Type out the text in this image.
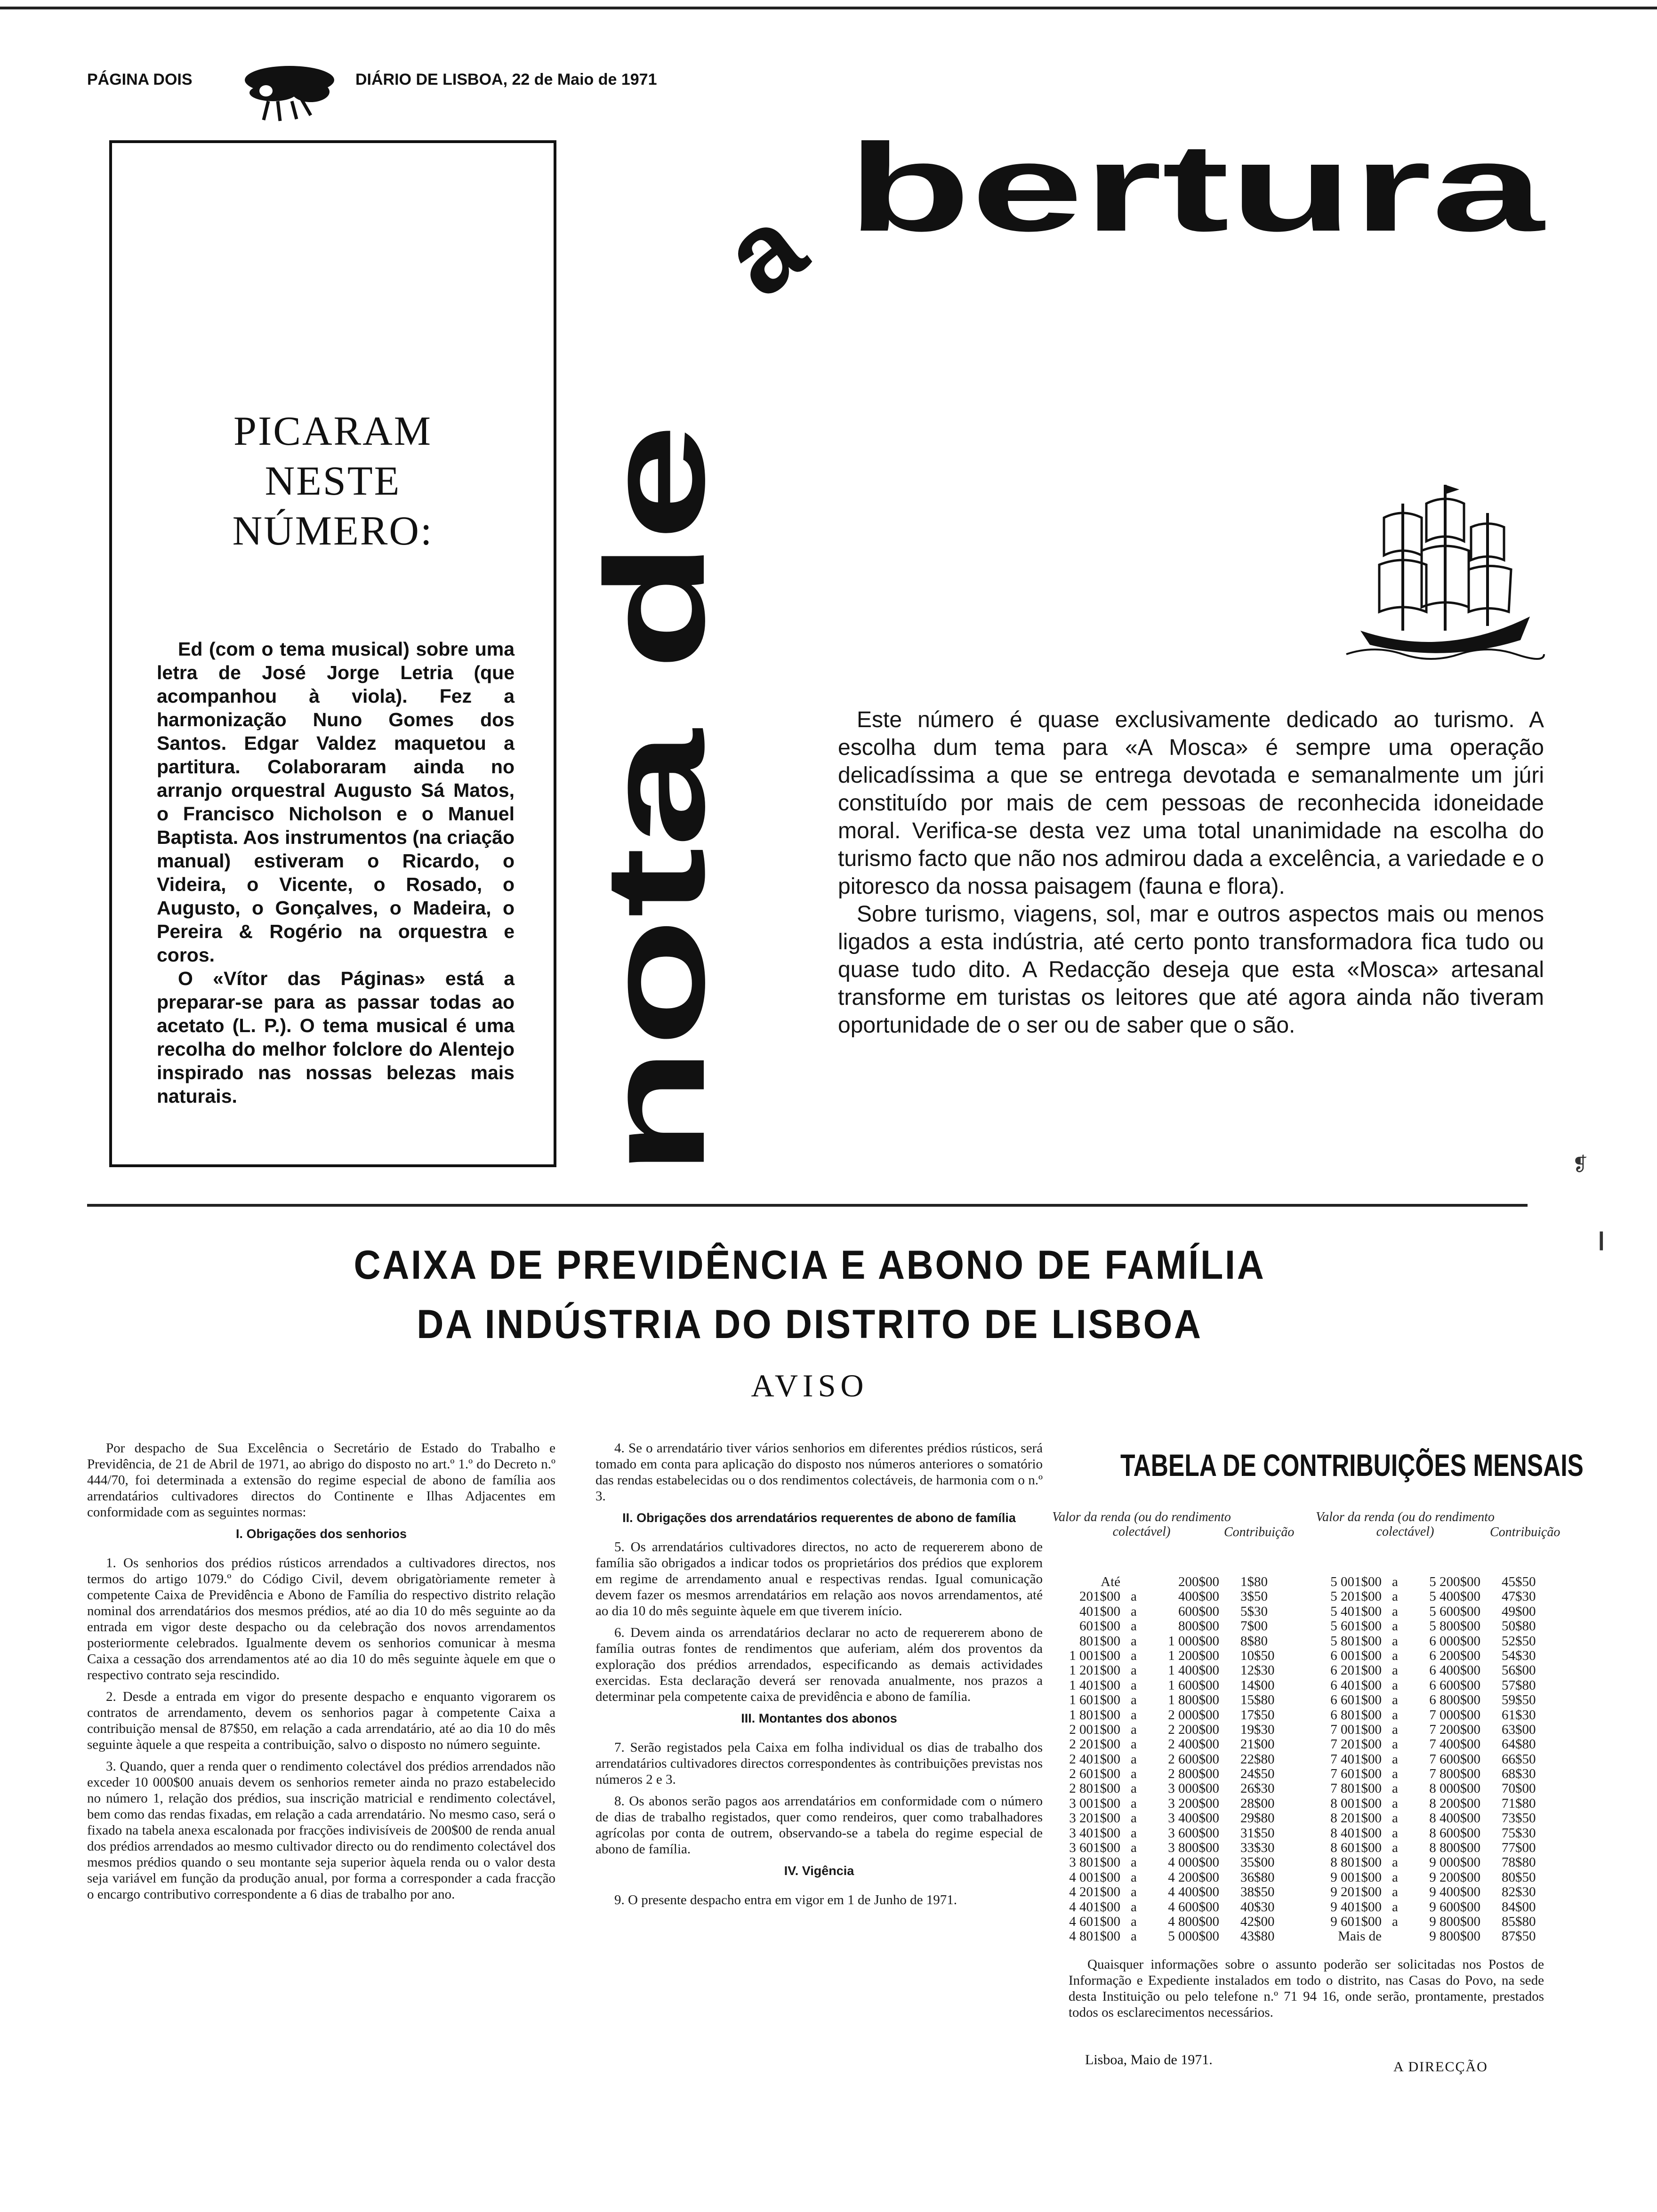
PÁGINA DOIS	DIÁRIO DE LISBOA, 22 de Maio de 1971
PICARAM
NESTE
NÚMERO:

Ed (com o tema musical) sobre uma letra de José Jorge Letria (que acompanhou à viola). Fez a harmonização Nuno Gomes dos Santos. Edgar Valdez maquetou a partitura. Colaboraram ainda no arranjo orquestral Augusto Sá Matos, o Francisco Nicholson e o Manuel Baptista. Aos instrumentos (na criação manual) estiveram o Ricardo, o Videira, o Vicente, o Rosado, o Augusto, o Gonçalves, o Madeira, o Pereira & Rogério na orquestra e coros.

O «Vítor das Páginas» está a preparar-se para as passar todas ao acetato (L. P.). O tema musical é uma recolha do melhor folclore do Alentejo inspirado nas nossas belezas mais naturais.

a bertura
nota de	Este número é quase exclusivamente dedicado ao turismo. A escolha dum tema para «A Mosca» é sempre uma operação delicadíssima a que se entrega devotada e semanalmente um júri constituído por mais de cem pessoas de reconhecida idoneidade moral. Verifica-se desta vez uma total unanimidade na escolha do turismo facto que não nos admirou dada a excelência, a variedade e o pitoresco da nossa paisagem (fauna e flora).

Sobre turismo, viagens, sol, mar e outros aspectos mais ou menos ligados a esta indústria, até certo ponto transformadora fica tudo ou quase tudo dito. A Redacção deseja que esta «Mosca» artesanal transforme em turistas os leitores que até agora ainda não tiveram oportunidade de o ser ou de saber que o são.

CAIXA DE PREVIDÊNCIA E ABONO DE FAMÍLIA
DA INDÚSTRIA DO DISTRITO DE LISBOA
AVISO

Por despacho de Sua Excelência o Secretário de Estado do Trabalho e Previdência, de 21 de Abril de 1971, ao abrigo do disposto no art.º 1.º do Decreto n.º 444/70, foi determinada a extensão do regime especial de abono de família aos arrendatários cultivadores directos do Continente e Ilhas Adjacentes em conformidade com as seguintes normas:

I. Obrigações dos senhorios

1. Os senhorios dos prédios rústicos arrendados a cultivadores directos, nos termos do artigo 1079.º do Código Civil, devem obrigatòriamente remeter à competente Caixa de Previdência e Abono de Família do respectivo distrito relação nominal dos arrendatários dos mesmos prédios, até ao dia 10 do mês seguinte ao da entrada em vigor deste despacho ou da celebração dos novos arrendamentos posteriormente celebrados. Igualmente devem os senhorios comunicar à mesma Caixa a cessação dos arrendamentos até ao dia 10 do mês seguinte àquele em que o respectivo contrato seja rescindido.

2. Desde a entrada em vigor do presente despacho e enquanto vigorarem os contratos de arrendamento, devem os senhorios pagar à competente Caixa a contribuição mensal de 87$50, em relação a cada arrendatário, até ao dia 10 do mês seguinte àquele a que respeita a contribuição, salvo o disposto no número seguinte.

3. Quando, quer a renda quer o rendimento colectável dos prédios arrendados não exceder 10 000$00 anuais devem os senhorios remeter ainda no prazo estabelecido no número 1, relação dos prédios, sua inscrição matricial e rendimento colectável, bem como das rendas fixadas, em relação a cada arrendatário. No mesmo caso, será o fixado na tabela anexa escalonada por fracções indivisíveis de 200$00 de renda anual dos prédios arrendados ao mesmo cultivador directo ou do rendimento colectável dos mesmos prédios quando o seu montante seja superior àquela renda ou o valor desta seja variável em função da produção anual, por forma a corresponder a cada fracção o encargo contributivo correspondente a 6 dias de trabalho por ano.

4. Se o arrendatário tiver vários senhorios em diferentes prédios rústicos, será tomado em conta para aplicação do disposto nos números anteriores o somatório das rendas estabelecidas ou o dos rendimentos colectáveis, de harmonia com o n.º 3.

II. Obrigações dos arrendatários requerentes de abono de família

5. Os arrendatários cultivadores directos, no acto de requererem abono de família são obrigados a indicar todos os proprietários dos prédios que explorem em regime de arrendamento anual e respectivas rendas. Igual comunicação devem fazer os mesmos arrendatários em relação aos novos arrendamentos, até ao dia 10 do mês seguinte àquele em que tiverem início.

6. Devem ainda os arrendatários declarar no acto de requererem abono de família outras fontes de rendimentos que auferiam, além dos proventos da exploração dos prédios arrendados, especificando as demais actividades exercidas. Esta declaração deverá ser renovada anualmente, nos prazos a determinar pela competente caixa de previdência e abono de família.

III. Montantes dos abonos

7. Serão registados pela Caixa em folha individual os dias de trabalho dos arrendatários cultivadores directos correspondentes às contribuições previstas nos números 2 e 3.

8. Os abonos serão pagos aos arrendatários em conformidade com o número de dias de trabalho registados, quer como rendeiros, quer como trabalhadores agrícolas por conta de outrem, observando-se a tabela do regime especial de abono de família.

IV. Vigência

9. O presente despacho entra em vigor em 1 de Junho de 1971.

TABELA DE CONTRIBUIÇÕES MENSAIS
Valor da renda (ou do rendimento colectável)	Contribuição
Valor da renda (ou do rendimento colectável)	Contribuição
Até	200$00 1$80
201$00 a	400$00 3$50
401$00 a	600$00 5$30
601$00 a	800$00 7$00
801$00 a	1 000$00 8$80
1 001$00 a	1 200$00 10$50
1 201$00 a	1 400$00 12$30
1 401$00 a	1 600$00 14$00
1 601$00 a	1 800$00 15$80
1 801$00 a	2 000$00 17$50
2 001$00 a	2 200$00 19$30
2 201$00 a	2 400$00 21$00
2 401$00 a	2 600$00 22$80
2 601$00 a	2 800$00 24$50
2 801$00 a	3 000$00 26$30
3 001$00 a	3 200$00 28$00
3 201$00 a	3 400$00 29$80
3 401$00 a	3 600$00 31$50
3 601$00 a	3 800$00 33$30
3 801$00 a	4 000$00 35$00
4 001$00 a	4 200$00 36$80
4 201$00 a	4 400$00 38$50
4 401$00 a	4 600$00 40$30
4 601$00 a	4 800$00 42$00
4 801$00 a	5 000$00 43$80
5 001$00 a	5 200$00 45$50
5 201$00 a	5 400$00 47$30
5 401$00 a	5 600$00 49$00
5 601$00 a	5 800$00 50$80
5 801$00 a	6 000$00 52$50
6 001$00 a	6 200$00 54$30
6 201$00 a	6 400$00 56$00
6 401$00 a	6 600$00 57$80
6 601$00 a	6 800$00 59$50
6 801$00 a	7 000$00 61$30
7 001$00 a	7 200$00 63$00
7 201$00 a	7 400$00 64$80
7 401$00 a	7 600$00 66$50
7 601$00 a	7 800$00 68$30
7 801$00 a	8 000$00 70$00
8 001$00 a	8 200$00 71$80
8 201$00 a	8 400$00 73$50
8 401$00 a	8 600$00 75$30
8 601$00 a	8 800$00 77$00
8 801$00 a	9 000$00 78$80
9 001$00 a	9 200$00 80$50
9 201$00 a	9 400$00 82$30
9 401$00 a	9 600$00 84$00
9 601$00 a	9 800$00 85$80
Mais de	9 800$00 87$50

Quaisquer informações sobre o assunto poderão ser solicitadas nos Postos de Informação e Expediente instalados em todo o distrito, nas Casas do Povo, na sede desta Instituição ou pelo telefone n.º 71 94 16, onde serão, prontamente, prestados todos os esclarecimentos necessários.

Lisboa, Maio de 1971.	A DIRECÇÃO
❡
❙
